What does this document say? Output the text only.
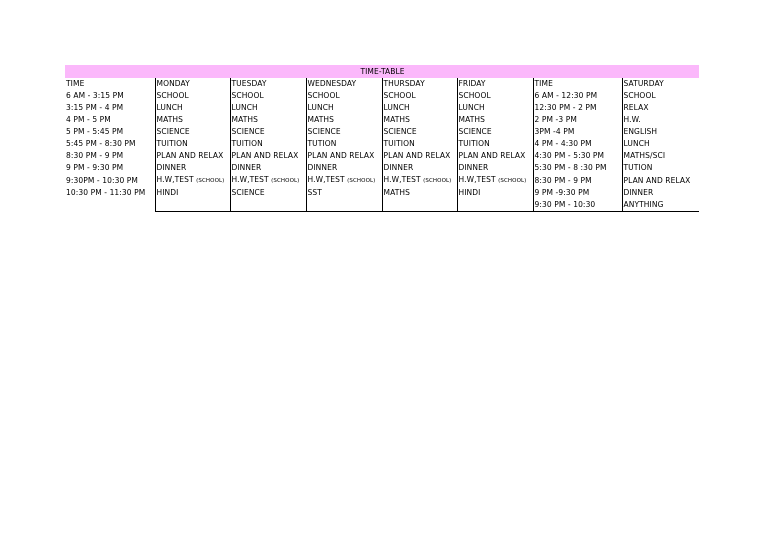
TIME-TABLE							
TIME	MONDAY	TUESDAY	WEDNESDAY	THURSDAY	FRIDAY	TIME	SATURDAY
6 AM - 3:15 PM	SCHOOL	SCHOOL	SCHOOL	SCHOOL	SCHOOL	6 AM - 12:30 PM	SCHOOL
3:15 PM - 4 PM	LUNCH	LUNCH	LUNCH	LUNCH	LUNCH	12:30 PM - 2 PM	RELAX
4 PM - 5 PM	MATHS	MATHS	MATHS	MATHS	MATHS	2 PM -3 PM	H.W.
5 PM - 5:45 PM	SCIENCE	SCIENCE	SCIENCE	SCIENCE	SCIENCE	3PM -4 PM	ENGLISH
5:45 PM - 8:30 PM	TUITION	TUITION	TUTION	TUITION	TUITION	4 PM - 4:30 PM	LUNCH
8:30 PM - 9 PM	PLAN AND RELAX	PLAN AND RELAX	PLAN AND RELAX	PLAN AND RELAX	PLAN AND RELAX	4:30 PM - 5:30 PM	MATHS/SCI
9 PM - 9:30 PM	DINNER	DINNER	DINNER	DINNER	DINNER	5:30 PM - 8 :30 PM	TUTION
9:30PM - 10:30 PM	H.W,TEST (SCHOOL)	H.W,TEST (SCHOOL)	H.W,TEST (SCHOOL)	H.W,TEST (SCHOOL)	H.W,TEST (SCHOOL)	8:30 PM - 9 PM	PLAN AND RELAX
10:30 PM - 11:30 PM	HINDI	SCIENCE	SST	MATHS	HINDI	9 PM -9:30 PM	DINNER
						9:30 PM - 10:30	ANYTHING
